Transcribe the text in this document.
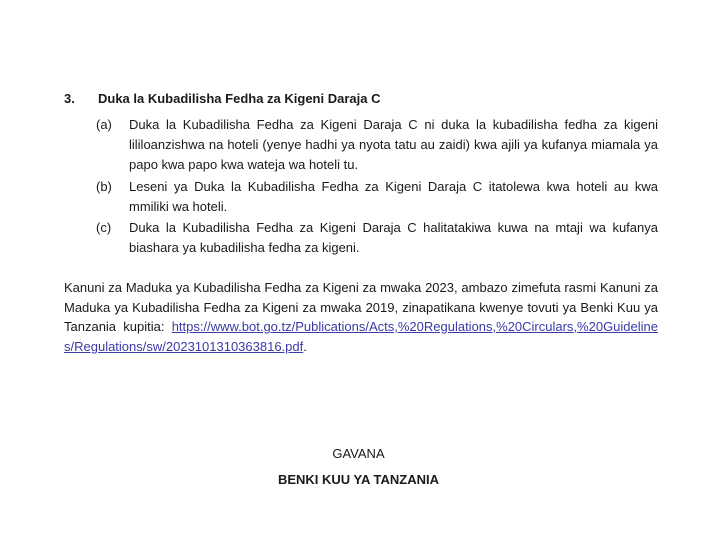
3. Duka la Kubadilisha Fedha za Kigeni Daraja C
(a) Duka la Kubadilisha Fedha za Kigeni Daraja C ni duka la kubadilisha fedha za kigeni lililoanzishwa na hoteli (yenye hadhi ya nyota tatu au zaidi) kwa ajili ya kufanya miamala ya papo kwa papo kwa wateja wa hoteli tu.
(b) Leseni ya Duka la Kubadilisha Fedha za Kigeni Daraja C itatolewa kwa hoteli au kwa mmiliki wa hoteli.
(c) Duka la Kubadilisha Fedha za Kigeni Daraja C halitatakiwa kuwa na mtaji wa kufanya biashara ya kubadilisha fedha za kigeni.
Kanuni za Maduka ya Kubadilisha Fedha za Kigeni za mwaka 2023, ambazo zimefuta rasmi Kanuni za Maduka ya Kubadilisha Fedha za Kigeni za mwaka 2019, zinapatikana kwenye tovuti ya Benki Kuu ya Tanzania kupitia: https://www.bot.go.tz/Publications/Acts,%20Regulations,%20Circulars,%20Guidelines/Regulations/sw/2023101310363816.pdf.
GAVANA
BENKI KUU YA TANZANIA
